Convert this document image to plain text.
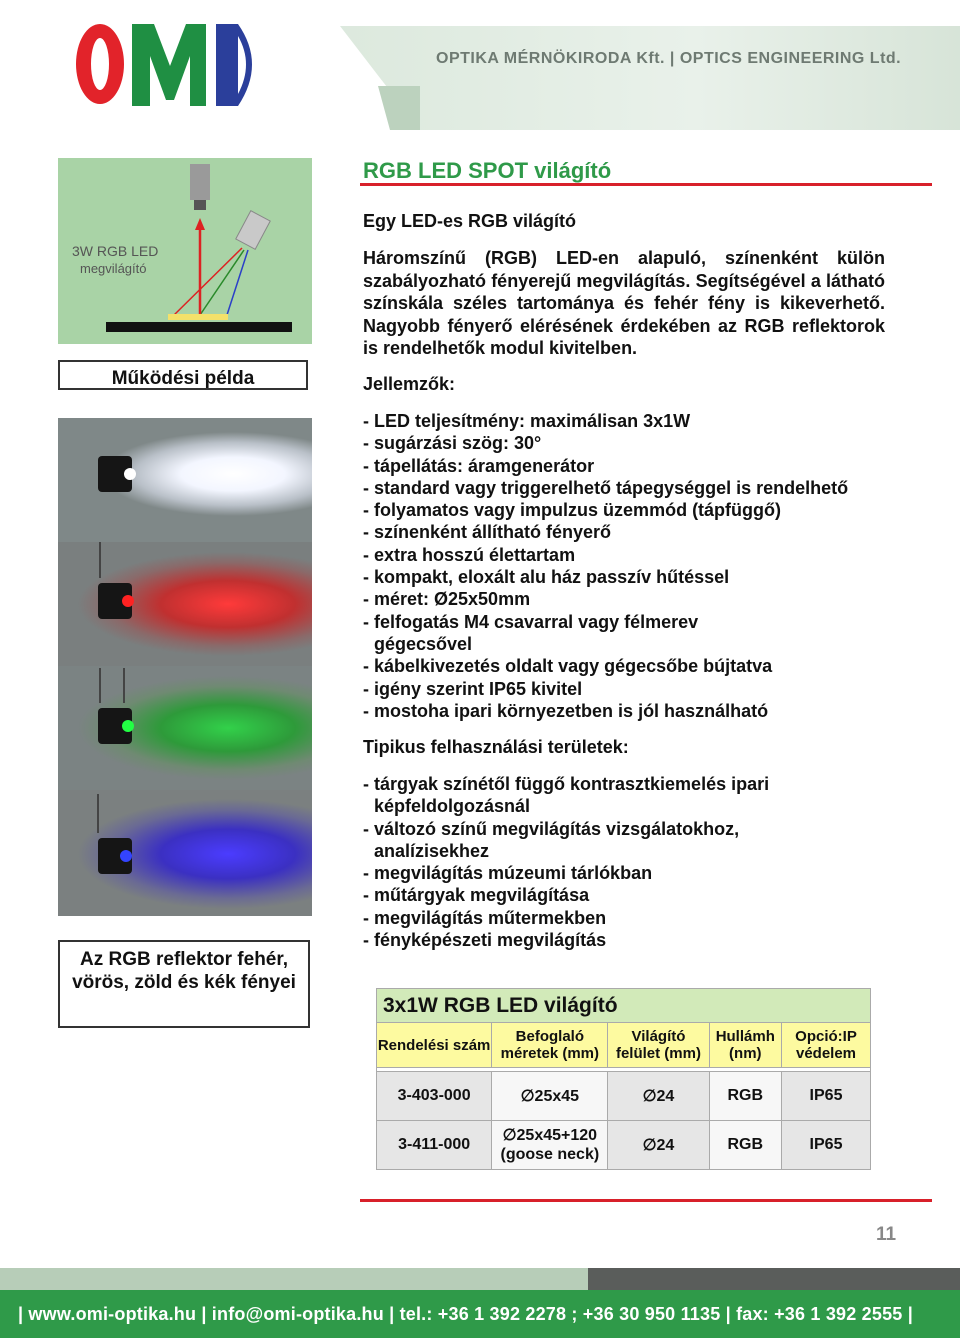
OPTIKA MÉRNÖKIRODA Kft. | OPTICS ENGINEERING Ltd.
3W RGB LED
megvilágító
Működési példa
Az RGB reflektor fehér, vörös, zöld és kék fényei
RGB LED SPOT világító
Egy LED-es RGB világító
Háromszínű (RGB) LED-en alapuló, színenként külön szabályozható fényerejű megvilágítás. Segítségével a látható színskála széles tartománya és fehér fény is kikeverhető. Nagyobb fényerő elérésének érdekében az RGB reflektorok is rendelhetők modul kivitelben.
Jellemzők:
- LED teljesítmény: maximálisan 3x1W
- sugárzási szög: 30°
- tápellátás: áramgenerátor
- standard vagy triggerelhető tápegységgel is rendelhető
- folyamatos vagy impulzus üzemmód (tápfüggő)
- színenként állítható fényerő
- extra hosszú élettartam
- kompakt, eloxált alu ház passzív hűtéssel
- méret: Ø25x50mm
- felfogatás M4 csavarral vagy félmerev gégecsővel
- kábelkivezetés oldalt vagy gégecsőbe bújtatva
- igény szerint IP65 kivitel
- mostoha ipari környezetben is jól használható
Tipikus felhasználási területek:
- tárgyak színétől függő kontrasztkiemelés ipari képfeldolgozásnál
- változó színű megvilágítás vizsgálatokhoz, analízisekhez
- megvilágítás múzeumi tárlókban
- műtárgyak megvilágítása
- megvilágítás műtermekben
- fényképészeti megvilágítás
3x1W RGB LED világító				
Rendelési szám	Befoglaló méretek (mm)	Világító felület (mm)	Hullámh (nm)	Opció:IP védelem

3-403-000	∅25x45	∅24	RGB	IP65
3-411-000	∅25x45+120 (goose neck)	∅24	RGB	IP65
11
| www.omi-optika.hu | info@omi-optika.hu | tel.: +36 1 392 2278 ; +36 30 950 1135 | fax: +36 1 392 2555 |
